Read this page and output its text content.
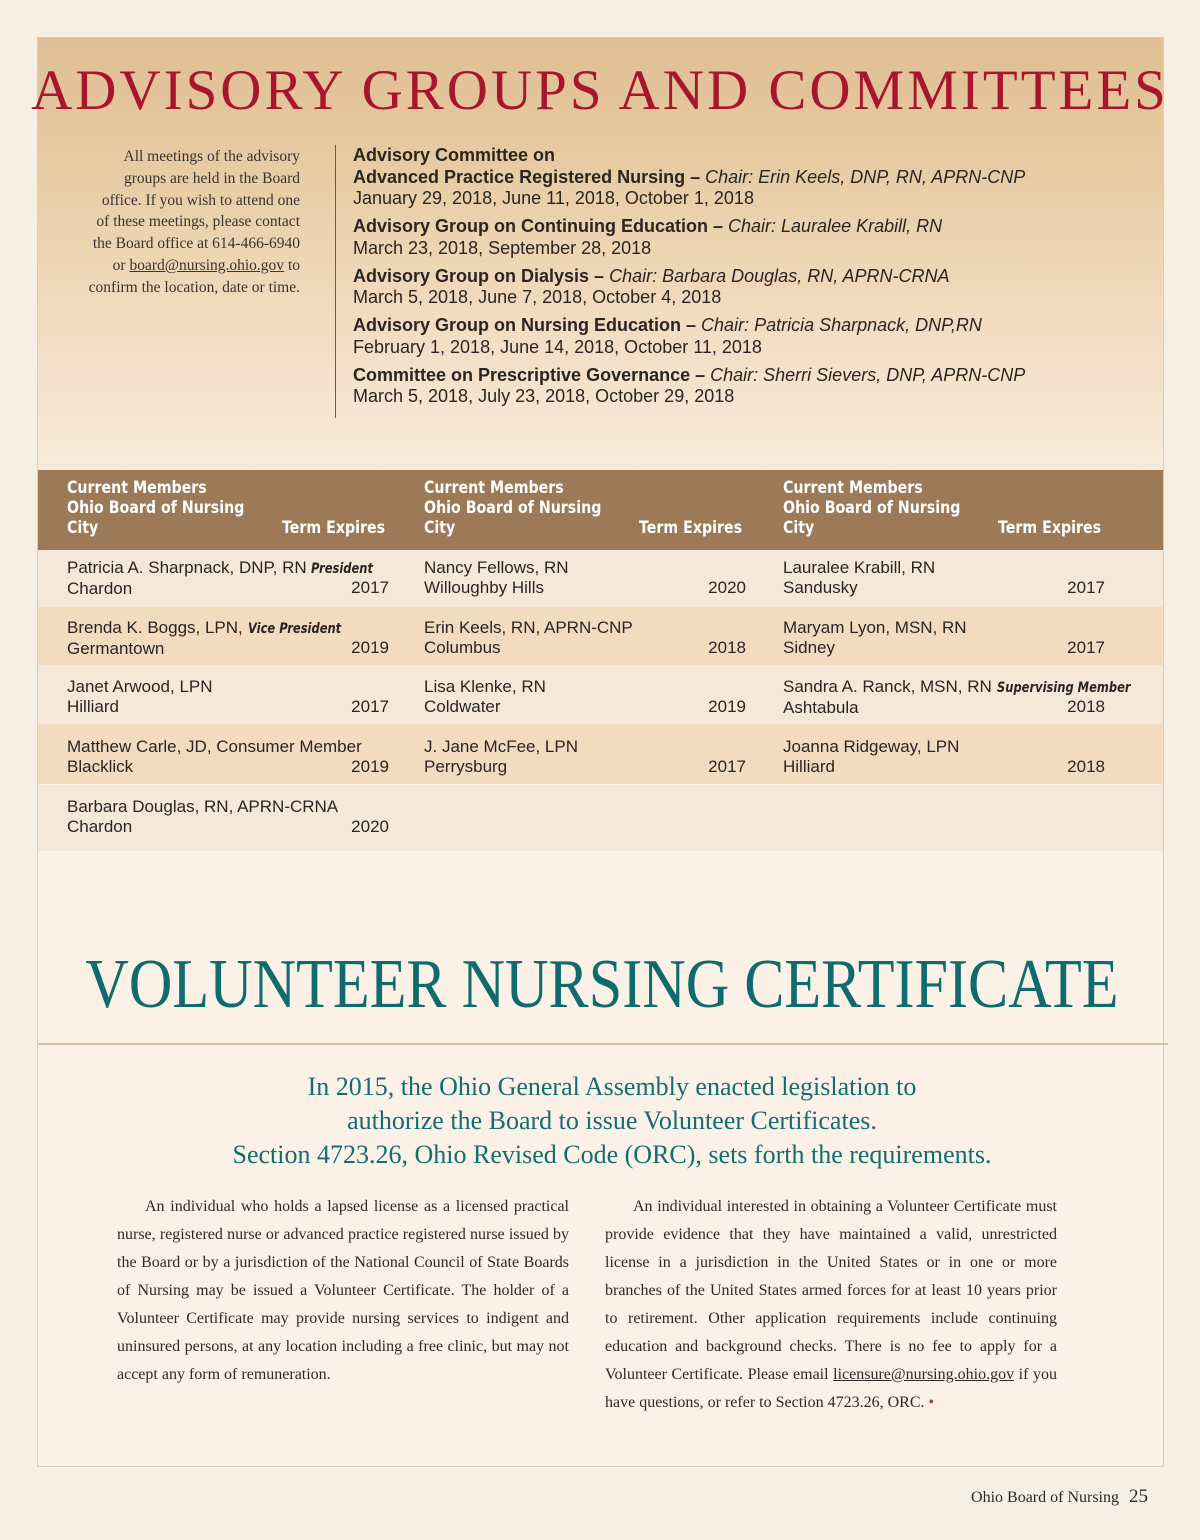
ADVISORY GROUPS AND COMMITTEES
All meetings of the advisory groups are held in the Board office. If you wish to attend one of these meetings, please contact the Board office at 614-466-6940 or board@nursing.ohio.gov to confirm the location, date or time.
Advisory Committee on
Advanced Practice Registered Nursing – Chair: Erin Keels, DNP, RN, APRN-CNP
January 29, 2018, June 11, 2018, October 1, 2018
Advisory Group on Continuing Education – Chair: Lauralee Krabill, RN
March 23, 2018, September 28, 2018
Advisory Group on Dialysis – Chair: Barbara Douglas, RN, APRN-CRNA
March 5, 2018, June 7, 2018, October 4, 2018
Advisory Group on Nursing Education – Chair: Patricia Sharpnack, DNP,RN
February 1, 2018, June 14, 2018, October 11, 2018
Committee on Prescriptive Governance – Chair: Sherri Sievers, DNP, APRN-CNP
March 5, 2018, July 23, 2018, October 29, 2018
Current Members
Ohio Board of Nursing
City	Term Expires
Current Members
Ohio Board of Nursing
City	Term Expires
Current Members
Ohio Board of Nursing
City	Term Expires
Patricia A. Sharpnack, DNP, RN President
Chardon	2017
Brenda K. Boggs, LPN, Vice President
Germantown	2019
Janet Arwood, LPN
Hilliard	2017
Matthew Carle, JD, Consumer Member
Blacklick	2019
Barbara Douglas, RN, APRN-CRNA
Chardon	2020
Nancy Fellows, RN
Willoughby Hills	2020
Erin Keels, RN, APRN-CNP
Columbus	2018
Lisa Klenke, RN
Coldwater	2019
J. Jane McFee, LPN
Perrysburg	2017
Lauralee Krabill, RN
Sandusky	2017
Maryam Lyon, MSN, RN
Sidney	2017
Sandra A. Ranck, MSN, RN Supervising Member
Ashtabula	2018
Joanna Ridgeway, LPN
Hilliard	2018
VOLUNTEER NURSING CERTIFICATE
In 2015, the Ohio General Assembly enacted legislation to
authorize the Board to issue Volunteer Certificates.
Section 4723.26, Ohio Revised Code (ORC), sets forth the requirements.
An individual who holds a lapsed license as a licensed practical nurse, registered nurse or advanced practice registered nurse issued by the Board or by a jurisdiction of the National Council of State Boards of Nursing may be issued a Volunteer Certificate. The holder of a Volunteer Certificate may provide nursing services to indigent and uninsured persons, at any location including a free clinic, but may not accept any form of remuneration.
An individual interested in obtaining a Volunteer Certificate must provide evidence that they have maintained a valid, unrestricted license in a jurisdiction in the United States or in one or more branches of the United States armed forces for at least 10 years prior to retirement. Other application requirements include continuing education and background checks. There is no fee to apply for a Volunteer Certificate. Please email licensure@nursing.ohio.gov if you have questions, or refer to Section 4723.26, ORC. •
Ohio Board of Nursing 25
